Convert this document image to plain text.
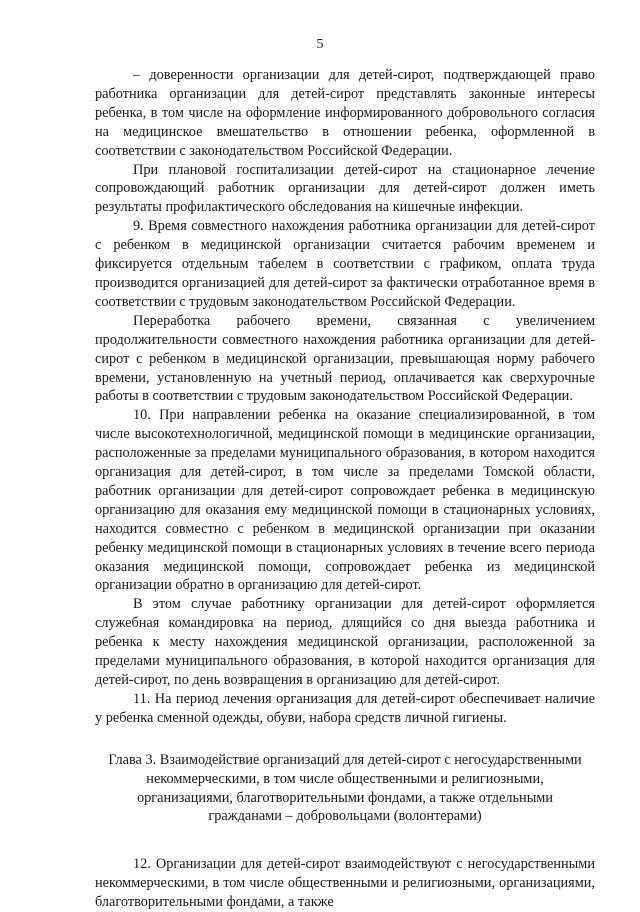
5

– доверенности организации для детей-сирот, подтверждающей право работника организации для детей-сирот представлять законные интересы ребенка, в том числе на оформление информированного добровольного согласия на медицинское вмешательство в отношении ребенка, оформленной в соответствии с законодательством Российской Федерации.

При плановой госпитализации детей-сирот на стационарное лечение сопровождающий работник организации для детей-сирот должен иметь результаты профилактического обследования на кишечные инфекции.

9. Время совместного нахождения работника организации для детей-сирот с ребенком в медицинской организации считается рабочим временем и фиксируется отдельным табелем в соответствии с графиком, оплата труда производится организацией для детей-сирот за фактически отработанное время в соответствии с трудовым законодательством Российской Федерации.

Переработка рабочего времени, связанная с увеличением продолжительности совместного нахождения работника организации для детей-сирот с ребенком в медицинской организации, превышающая норму рабочего времени, установленную на учетный период, оплачивается как сверхурочные работы в соответствии с трудовым законодательством Российской Федерации.

10. При направлении ребенка на оказание специализированной, в том числе высокотехнологичной, медицинской помощи в медицинские организации, расположенные за пределами муниципального образования, в котором находится организация для детей-сирот, в том числе за пределами Томской области, работник организации для детей-сирот сопровождает ребенка в медицинскую организацию для оказания ему медицинской помощи в стационарных условиях, находится совместно с ребенком в медицинской организации при оказании ребенку медицинской помощи в стационарных условиях в течение всего периода оказания медицинской помощи, сопровождает ребенка из медицинской организации обратно в организацию для детей-сирот.

В этом случае работнику организации для детей-сирот оформляется служебная командировка на период, длящийся со дня выезда работника и ребенка к месту нахождения медицинской организации, расположенной за пределами муниципального образования, в которой находится организация для детей-сирот, по день возвращения в организацию для детей-сирот.

11. На период лечения организация для детей-сирот обеспечивает наличие у ребенка сменной одежды, обуви, набора средств личной гигиены.

Глава 3. Взаимодействие организаций для детей-сирот с негосударственными
некоммерческими, в том числе общественными и религиозными,
организациями, благотворительными фондами, а также отдельными
гражданами – добровольцами (волонтерами)

12. Организации для детей-сирот взаимодействуют с негосударственными некоммерческими, в том числе общественными и религиозными, организациями, благотворительными фондами, а также
